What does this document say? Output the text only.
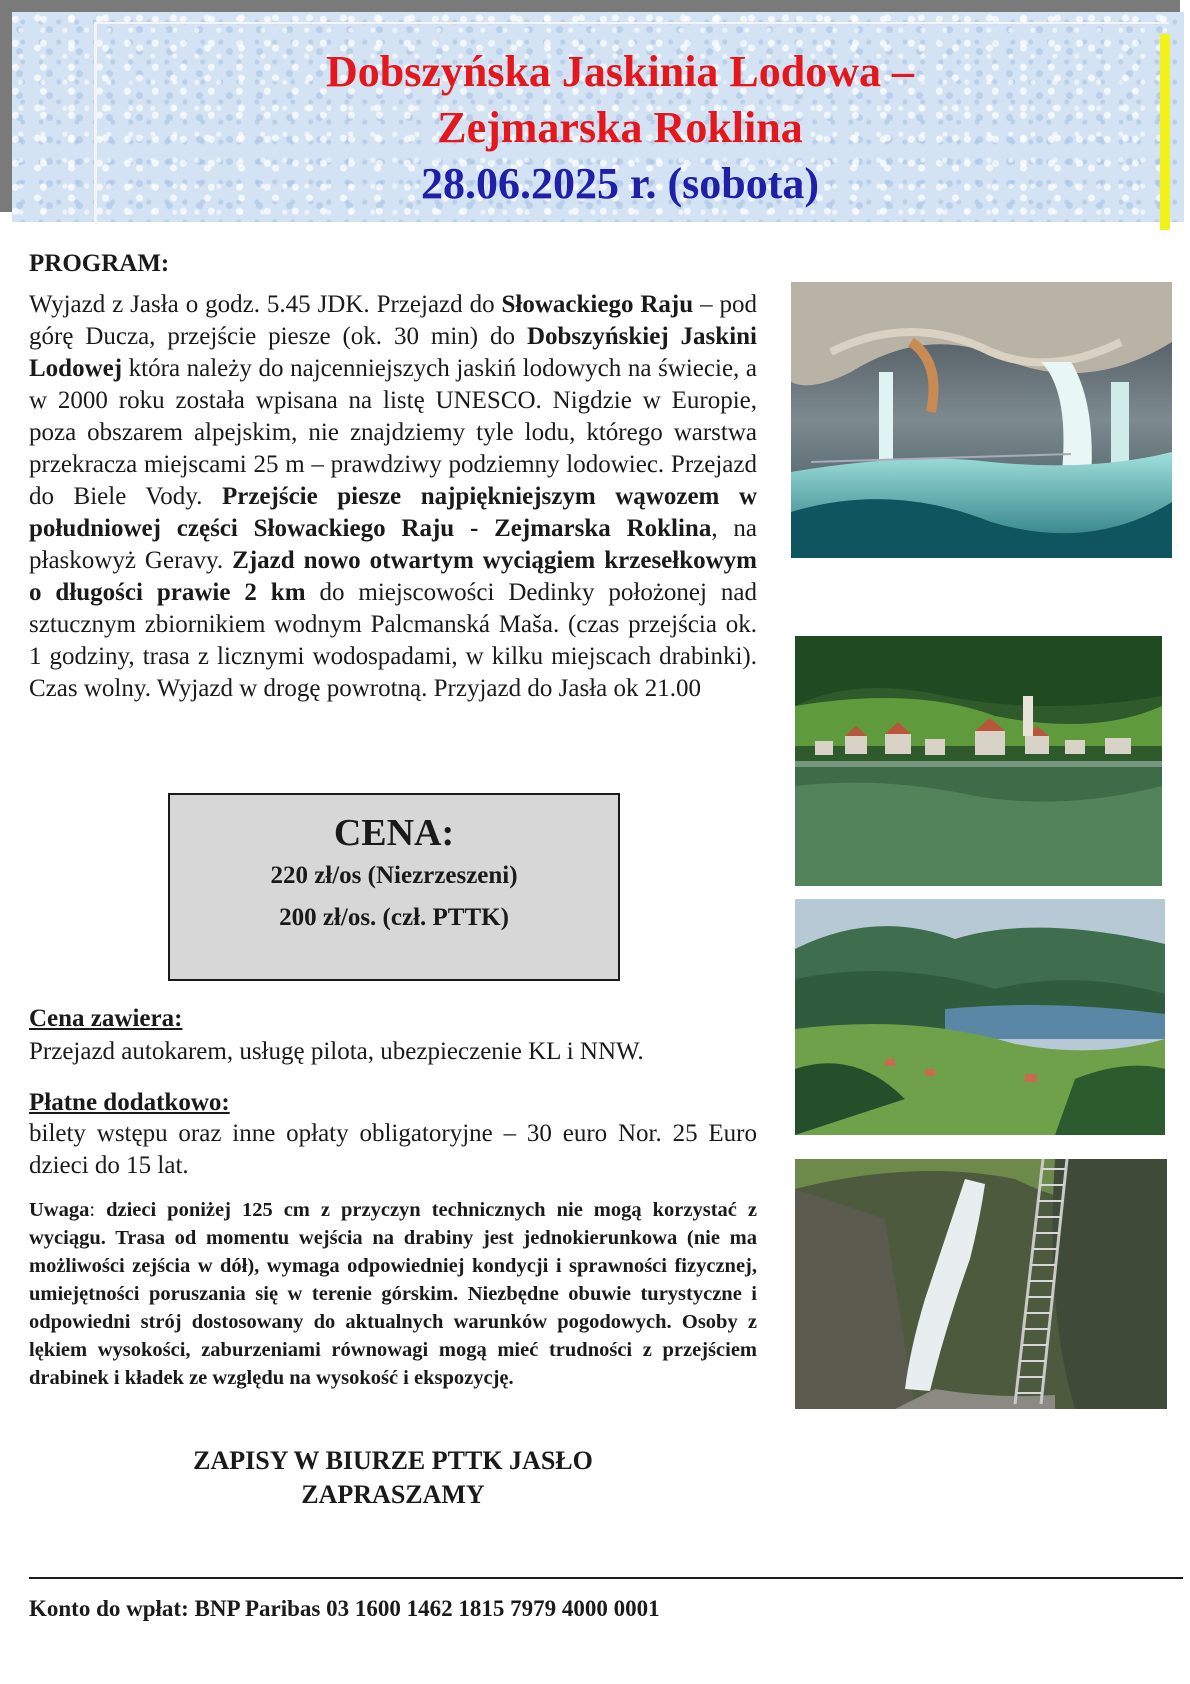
Dobszyńska Jaskinia Lodowa –
Zejmarska Roklina
28.06.2025 r. (sobota)
PROGRAM:
Wyjazd z Jasła o godz. 5.45 JDK. Przejazd do Słowackiego Raju – pod górę Ducza, przejście piesze (ok. 30 min) do Dobszyńskiej Jaskini Lodowej która należy do najcenniejszych jaskiń lodowych na świecie, a w 2000 roku została wpisana na listę UNESCO. Nigdzie w Europie, poza obszarem alpejskim, nie znajdziemy tyle lodu, którego warstwa przekracza miejscami 25 m – prawdziwy podziemny lodowiec. Przejazd do Biele Vody. Przejście piesze najpiękniejszym wąwozem w południowej części Słowackiego Raju - Zejmarska Roklina, na płaskowyż Geravy. Zjazd nowo otwartym wyciągiem krzesełkowym o długości prawie 2 km do miejscowości Dedinky położonej nad sztucznym zbiornikiem wodnym Palcmanská Maša. (czas przejścia ok. 1 godziny, trasa z licznymi wodospadami, w kilku miejscach drabinki). Czas wolny. Wyjazd w drogę powrotną. Przyjazd do Jasła ok 21.00
CENA:
220 zł/os (Niezrzeszeni)
200 zł/os. (czł. PTTK)
Cena zawiera:
Przejazd autokarem, usługę pilota, ubezpieczenie KL i NNW.
Płatne dodatkowo:
bilety wstępu oraz inne opłaty obligatoryjne – 30 euro Nor. 25 Euro dzieci do 15 lat.
Uwaga: dzieci poniżej 125 cm z przyczyn technicznych nie mogą korzystać z wyciągu. Trasa od momentu wejścia na drabiny jest jednokierunkowa (nie ma możliwości zejścia w dół), wymaga odpowiedniej kondycji i sprawności fizycznej, umiejętności poruszania się w terenie górskim. Niezbędne obuwie turystyczne i odpowiedni strój dostosowany do aktualnych warunków pogodowych. Osoby z lękiem wysokości, zaburzeniami równowagi mogą mieć trudności z przejściem drabinek i kładek ze względu na wysokość i ekspozycję.
ZAPISY W BIURZE PTTK JASŁO
ZAPRASZAMY
Konto do wpłat: BNP Paribas 03 1600 1462 1815 7979 4000 0001
